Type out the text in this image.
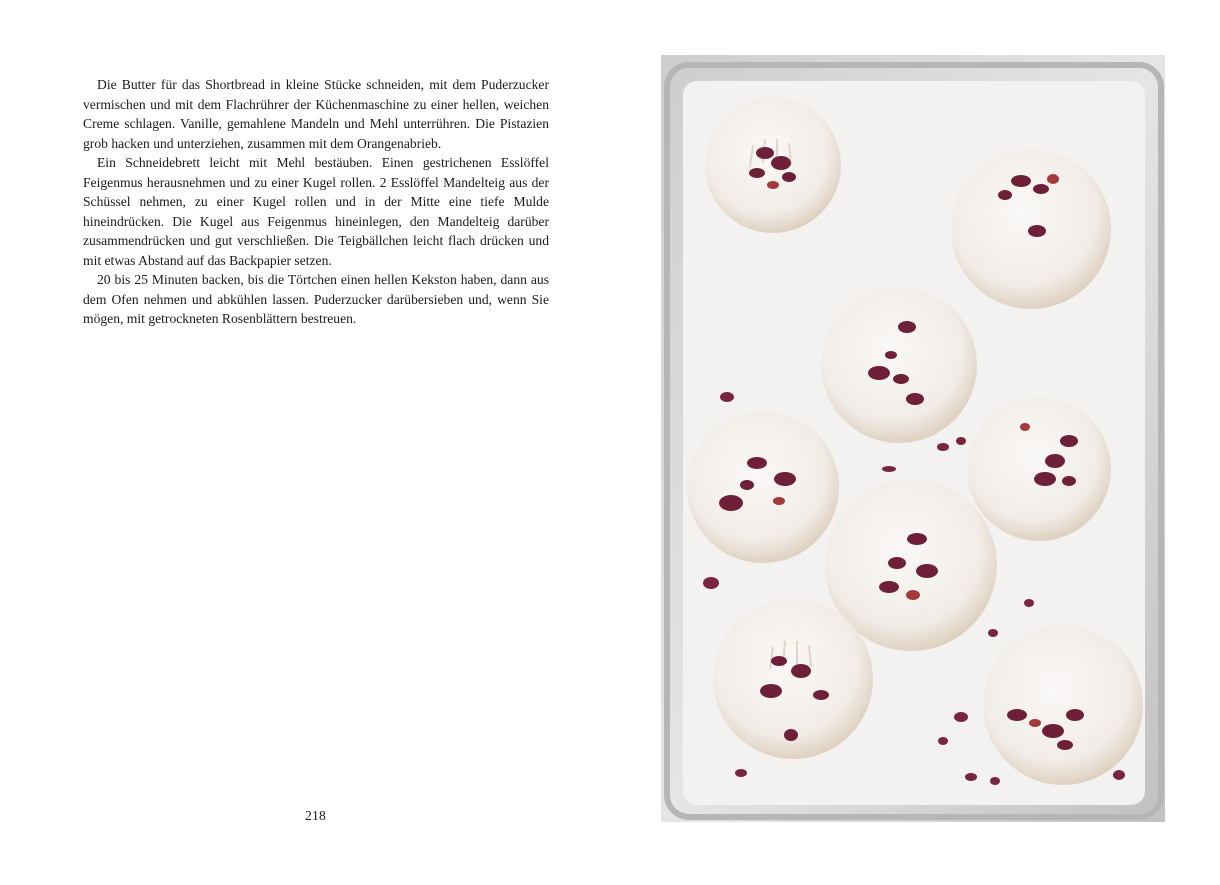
Die Butter für das Shortbread in kleine Stücke schneiden, mit dem Puderzucker vermischen und mit dem Flachrührer der Küchenmaschine zu einer hellen, weichen Creme schlagen. Vanille, gemahlene Mandeln und Mehl unterrühren. Die Pistazien grob hacken und unterziehen, zusammen mit dem Orangenabrieb.

Ein Schneidebrett leicht mit Mehl bestäuben. Einen gestrichenen Esslöffel Feigenmus herausnehmen und zu einer Kugel rollen. 2 Esslöffel Mandelteig aus der Schüssel nehmen, zu einer Kugel rollen und in der Mitte eine tiefe Mulde hineindrücken. Die Kugel aus Feigenmus hineinlegen, den Mandelteig darüber zusammendrücken und gut verschließen. Die Teigbällchen leicht flach drücken und mit etwas Abstand auf das Backpapier setzen.

20 bis 25 Minuten backen, bis die Törtchen einen hellen Kekston haben, dann aus dem Ofen nehmen und abkühlen lassen. Puderzucker darübersieben und, wenn Sie mögen, mit getrockneten Rosenblättern bestreuen.

218
